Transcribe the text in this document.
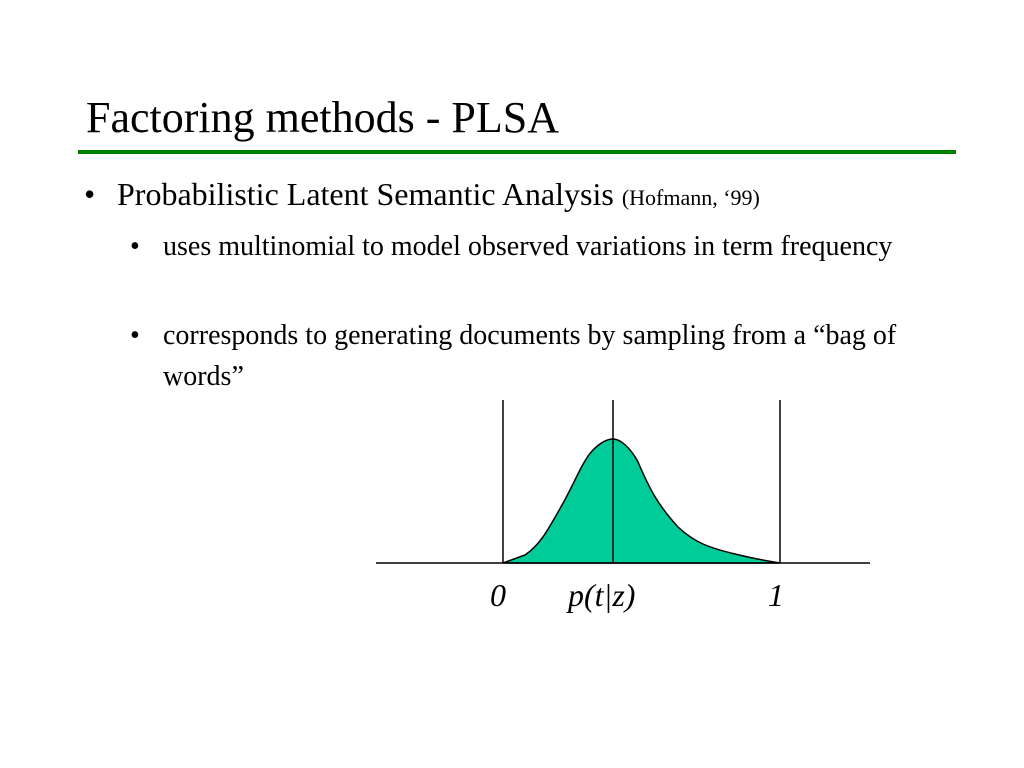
Factoring methods - PLSA
• Probabilistic Latent Semantic Analysis (Hofmann, ‘99)
• uses multinomial to model observed variations in term frequency
• corresponds to generating documents by sampling from a “bag of words”
0 p(t|z)	1
